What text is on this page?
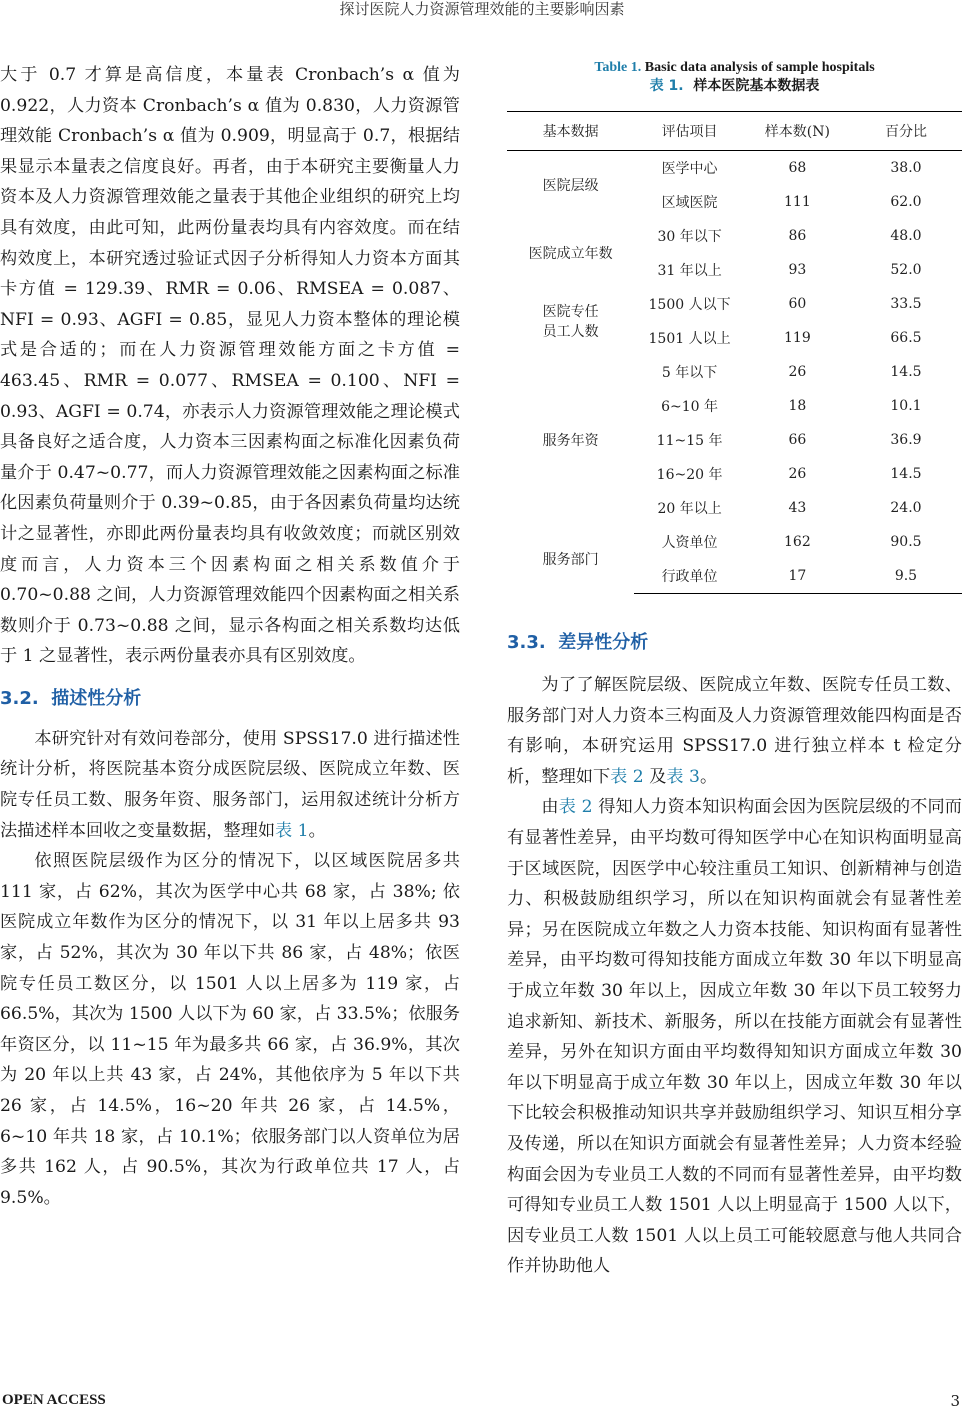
探讨医院人力资源管理效能的主要影响因素

大于 0.7 才算是高信度，本量表 Cronbach’s α 值为 0.922，人力资本 Cronbach’s α 值为 0.830，人力资源管理效能 Cronbach’s α 值为 0.909，明显高于 0.7，根据结果显示本量表之信度良好。再者，由于本研究主要衡量人力资本及人力资源管理效能之量表于其他企业组织的研究上均具有效度，由此可知，此两份量表均具有内容效度。而在结构效度上，本研究透过验证式因子分析得知人力资本方面其卡方值 = 129.39、RMR = 0.06、RMSEA = 0.087、NFI = 0.93、AGFI = 0.85，显见人力资本整体的理论模式是合适的；而在人力资源管理效能方面之卡方值 = 463.45、RMR = 0.077、RMSEA = 0.100、NFI = 0.93、AGFI = 0.74，亦表示人力资源管理效能之理论模式具备良好之适合度，人力资本三因素构面之标准化因素负荷量介于 0.47~0.77，而人力资源管理效能之因素构面之标准化因素负荷量则介于 0.39~0.85，由于各因素负荷量均达统计之显著性，亦即此两份量表均具有收敛效度；而就区别效度而言，人力资本三个因素构面之相关系数值介于 0.70~0.88 之间，人力资源管理效能四个因素构面之相关系数则介于 0.73~0.88 之间，显示各构面之相关系数均达低于 1 之显著性，表示两份量表亦具有区别效度。

3.2. 描述性分析

本研究针对有效问卷部分，使用 SPSS17.0 进行描述性统计分析，将医院基本资分成医院层级、医院成立年数、医院专任员工数、服务年资、服务部门，运用叙述统计分析方法描述样本回收之变量数据，整理如表 1。

依照医院层级作为区分的情况下，以区域医院居多共 111 家，占 62%，其次为医学中心共 68 家，占 38%; 依医院成立年数作为区分的情况下，以 31 年以上居多共 93 家，占 52%，其次为 30 年以下共 86 家，占 48%；依医院专任员工数区分，以 1501 人以上居多为 119 家，占 66.5%，其次为 1500 人以下为 60 家，占 33.5%；依服务年资区分，以 11~15 年为最多共 66 家，占 36.9%，其次为 20 年以上共 43 家，占 24%，其他依序为 5 年以下共 26 家，占 14.5%，16~20 年共 26 家，占 14.5%，6~10 年共 18 家，占 10.1%；依服务部门以人资单位为居多共 162 人，占 90.5%，其次为行政单位共 17 人，占 9.5%。

Table 1. Basic data analysis of sample hospitals
表 1. 样本医院基本数据表
基本数据	评估项目	样本数(N)	百分比
医院层级	医学中心	68	38.0
	区域医院	111	62.0
医院成立年数	30 年以下	86	48.0
	31 年以上	93	52.0
医院专任
员工人数	1500 人以下	60	33.5
	1501 人以上	119	66.5
服务年资	5 年以下	26	14.5
	6~10 年	18	10.1
	11~15 年	66	36.9
	16~20 年	26	14.5
	20 年以上	43	24.0
服务部门	人资单位	162	90.5
	行政单位	17	9.5
3.3. 差异性分析

为了了解医院层级、医院成立年数、医院专任员工数、服务部门对人力资本三构面及人力资源管理效能四构面是否有影响，本研究运用 SPSS17.0 进行独立样本 t 检定分析，整理如下表 2 及表 3。

由表 2 得知人力资本知识构面会因为医院层级的不同而有显著性差异，由平均数可得知医学中心在知识构面明显高于区域医院，因医学中心较注重员工知识、创新精神与创造力、积极鼓励组织学习，所以在知识构面就会有显著性差异；另在医院成立年数之人力资本技能、知识构面有显著性差异，由平均数可得知技能方面成立年数 30 年以下明显高于成立年数 30 年以上，因成立年数 30 年以下员工较努力追求新知、新技术、新服务，所以在技能方面就会有显著性差异，另外在知识方面由平均数得知知识方面成立年数 30 年以下明显高于成立年数 30 年以上，因成立年数 30 年以下比较会积极推动知识共享并鼓励组织学习、知识互相分享及传递，所以在知识方面就会有显著性差异；人力资本经验构面会因为专业员工人数的不同而有显著性差异，由平均数可得知专业员工人数 1501 人以上明显高于 1500 人以下，因专业员工人数 1501 人以上员工可能较愿意与他人共同合作并协助他人

OPEN ACCESS	3
